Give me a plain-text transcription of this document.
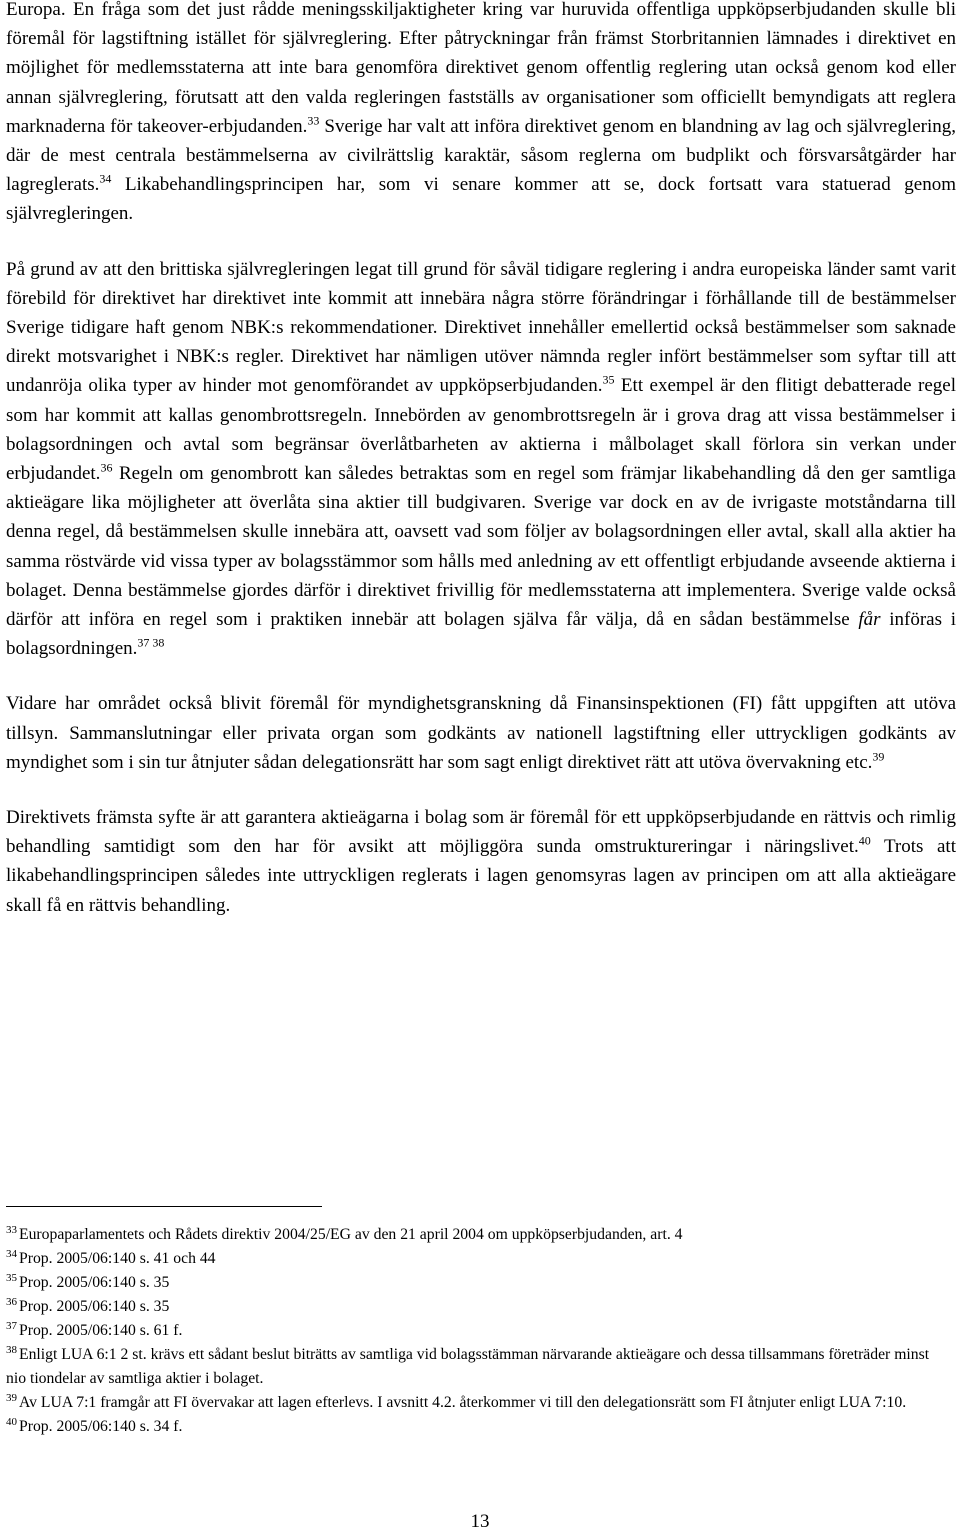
Europa. En fråga som det just rådde meningsskiljaktigheter kring var huruvida offentliga uppköpserbjudanden skulle bli föremål för lagstiftning istället för självreglering. Efter påtryckningar från främst Storbritannien lämnades i direktivet en möjlighet för medlemsstaterna att inte bara genomföra direktivet genom offentlig reglering utan också genom kod eller annan självreglering, förutsatt att den valda regleringen fastställs av organisationer som officiellt bemyndigats att reglera marknaderna för takeover-erbjudanden.$^{33}$ Sverige har valt att införa direktivet genom en blandning av lag och självreglering, där de mest centrala bestämmelserna av civilrättslig karaktär, såsom reglerna om budplikt och försvarsåtgärder har lagreglerats.$^{34}$ Likabehandlingsprincipen har, som vi senare kommer att se, dock fortsatt vara statuerad genom självregleringen.

På grund av att den brittiska självregleringen legat till grund för såväl tidigare reglering i andra europeiska länder samt varit förebild för direktivet har direktivet inte kommit att innebära några större förändringar i förhållande till de bestämmelser Sverige tidigare haft genom NBK:s rekommendationer. Direktivet innehåller emellertid också bestämmelser som saknade direkt motsvarighet i NBK:s regler. Direktivet har nämligen utöver nämnda regler infört bestämmelser som syftar till att undanröja olika typer av hinder mot genomförandet av uppköpserbjudanden.$^{35}$ Ett exempel är den flitigt debatterade regel som har kommit att kallas genombrottsregeln. Innebörden av genombrottsregeln är i grova drag att vissa bestämmelser i bolagsordningen och avtal som begränsar överlåtbarheten av aktierna i målbolaget skall förlora sin verkan under erbjudandet.$^{36}$ Regeln om genombrott kan således betraktas som en regel som främjar likabehandling då den ger samtliga aktieägare lika möjligheter att överlåta sina aktier till budgivaren. Sverige var dock en av de ivrigaste motståndarna till denna regel, då bestämmelsen skulle innebära att, oavsett vad som följer av bolagsordningen eller avtal, skall alla aktier ha samma röstvärde vid vissa typer av bolagsstämmor som hålls med anledning av ett offentligt erbjudande avseende aktierna i bolaget. Denna bestämmelse gjordes därför i direktivet frivillig för medlemsstaterna att implementera. Sverige valde också därför att införa en regel som i praktiken innebär att bolagen själva får välja, då en sådan bestämmelse får införas i bolagsordningen.$^{37 38}$

Vidare har området också blivit föremål för myndighetsgranskning då Finansinspektionen (FI) fått uppgiften att utöva tillsyn. Sammanslutningar eller privata organ som godkänts av nationell lagstiftning eller uttryckligen godkänts av myndighet som i sin tur åtnjuter sådan delegationsrätt har som sagt enligt direktivet rätt att utöva övervakning etc.$^{39}$

Direktivets främsta syfte är att garantera aktieägarna i bolag som är föremål för ett uppköpserbjudande en rättvis och rimlig behandling samtidigt som den har för avsikt att möjliggöra sunda omstruktureringar i näringslivet.$^{40}$ Trots att likabehandlingsprincipen således inte uttryckligen reglerats i lagen genomsyras lagen av principen om att alla aktieägare skall få en rättvis behandling.

$^{33}$ Europaparlamentets och Rådets direktiv 2004/25/EG av den 21 april 2004 om uppköpserbjudanden, art. 4

$^{34}$ Prop. 2005/06:140 s. 41 och 44

$^{35}$ Prop. 2005/06:140 s. 35

$^{36}$ Prop. 2005/06:140 s. 35

$^{37}$ Prop. 2005/06:140 s. 61 f.

$^{38}$ Enligt LUA 6:1 2 st. krävs ett sådant beslut biträtts av samtliga vid bolagsstämman närvarande aktieägare och dessa tillsammans företräder minst nio tiondelar av samtliga aktier i bolaget.

$^{39}$ Av LUA 7:1 framgår att FI övervakar att lagen efterlevs. I avsnitt 4.2. återkommer vi till den delegationsrätt som FI åtnjuter enligt LUA 7:10.

$^{40}$ Prop. 2005/06:140 s. 34 f.

13
